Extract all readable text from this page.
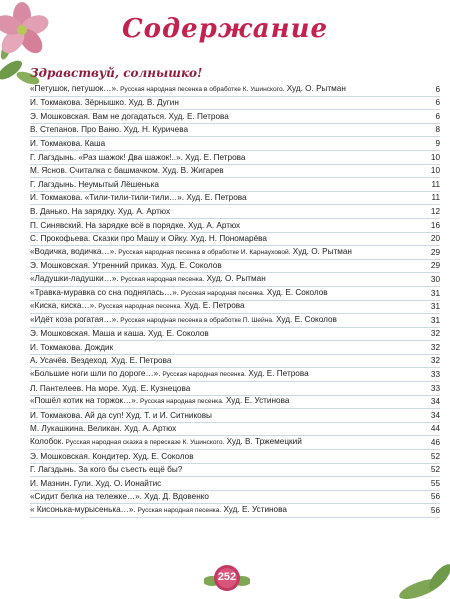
Содержание
Здравствуй, солнышко!
«Петушок, петушок…». Русская народная песенка в обработке К. Ушинского. Худ. О. Рытман	6
И. Токмакова. Зёрнышко. Худ. В. Дугин	6
Э. Мошковская. Вам не догадаться. Худ. Е. Петрова	6
В. Степанов. Про Ваню. Худ. Н. Куричева	8
И. Токмакова. Каша	9
Г. Лагздынь. «Раз шажок! Два шажок!..». Худ. Е. Петрова	10
М. Яснов. Считалка с башмачком. Худ. В. Жигарев	10
Г. Лагздынь. Неумытый Лёшенька	11
И. Токмакова. «Тили-тили-тили-тили…». Худ. Е. Петрова	11
В. Данько. На зарядку. Худ. А. Артюх	12
П. Синявский. На зарядке всё в порядке. Худ. А. Артюх	16
С. Прокофьева. Сказки про Машу и Ойку. Худ. Н. Пономарёва	20
«Водичка, водичка…». Русская народная песенка в обработке И. Карнауховой. Худ. О. Рытман	29
Э. Мошковская. Утренний приказ. Худ. Е. Соколов	29
«Ладушки-ладушки…». Русская народная песенка. Худ. О. Рытман	30
«Травка-муравка со сна поднялась…». Русская народная песенка. Худ. Е. Соколов	31
«Киска, киска…». Русская народная песенка. Худ. Е. Петрова	31
«Идёт коза рогатая…». Русская народная песенка в обработке П. Шейна. Худ. Е. Соколов	31
Э. Мошковская. Маша и каша. Худ. Е. Соколов	32
И. Токмакова. Дождик	32
А. Усачёв. Вездеход. Худ. Е. Петрова	32
«Большие ноги шли по дороге…». Русская народная песенка. Худ. Е. Петрова	33
Л. Пантелеев. На море. Худ. Е. Кузнецова	33
«Пошёл котик на торжок…». Русская народная песенка. Худ. Е. Устинова	34
И. Токмакова. Ай да суп! Худ. Т. и И. Ситниковы	34
М. Лукашкина. Великан. Худ. А. Артюх	44
Колобок. Русская народная сказка в пересказе К. Ушинского. Худ. В. Тржемецкий	46
Э. Мошковская. Кондитер. Худ. Е. Соколов	52
Г. Лагздынь. За кого бы съесть ещё бы?	52
И. Мазнин. Гули. Худ. О. Ионайтис	55
«Сидит белка на тележке…». Худ. Д. Вдовенко	56
« Кисонька-мурысенька…». Русская народная песенка. Худ. Е. Устинова	56
252
